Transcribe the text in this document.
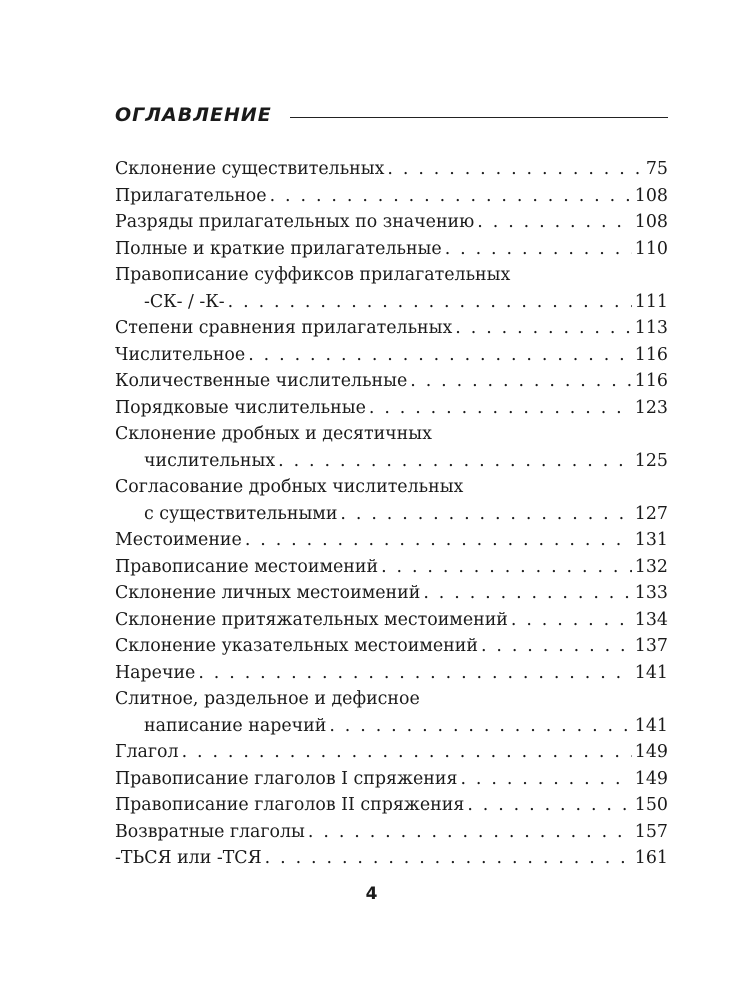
ОГЛАВЛЕНИЕ
Склонение существительных . . .	75
Прилагательное . . .	108
Разряды прилагательных по значению . . .	108
Полные и краткие прилагательные . . .	110
Правописание суффиксов прилагательных
-СК- / -К- . . .	111
Степени сравнения прилагательных . . .	113
Числительное . . .	116
Количественные числительные . . .	116
Порядковые числительные . . .	123
Склонение дробных и десятичных
числительных . . .	125
Согласование дробных числительных
с существительными . . .	127
Местоимение . . .	131
Правописание местоимений . . .	132
Склонение личных местоимений . . .	133
Склонение притяжательных местоимений . . .	134
Склонение указательных местоимений . . .	137
Наречие . . .	141
Слитное, раздельное и дефисное
написание наречий . . .	141
Глагол . . .	149
Правописание глаголов I спряжения . . .	149
Правописание глаголов II спряжения . . .	150
Возвратные глаголы . . .	157
-ТЬСЯ или -ТСЯ . . .	161
4
